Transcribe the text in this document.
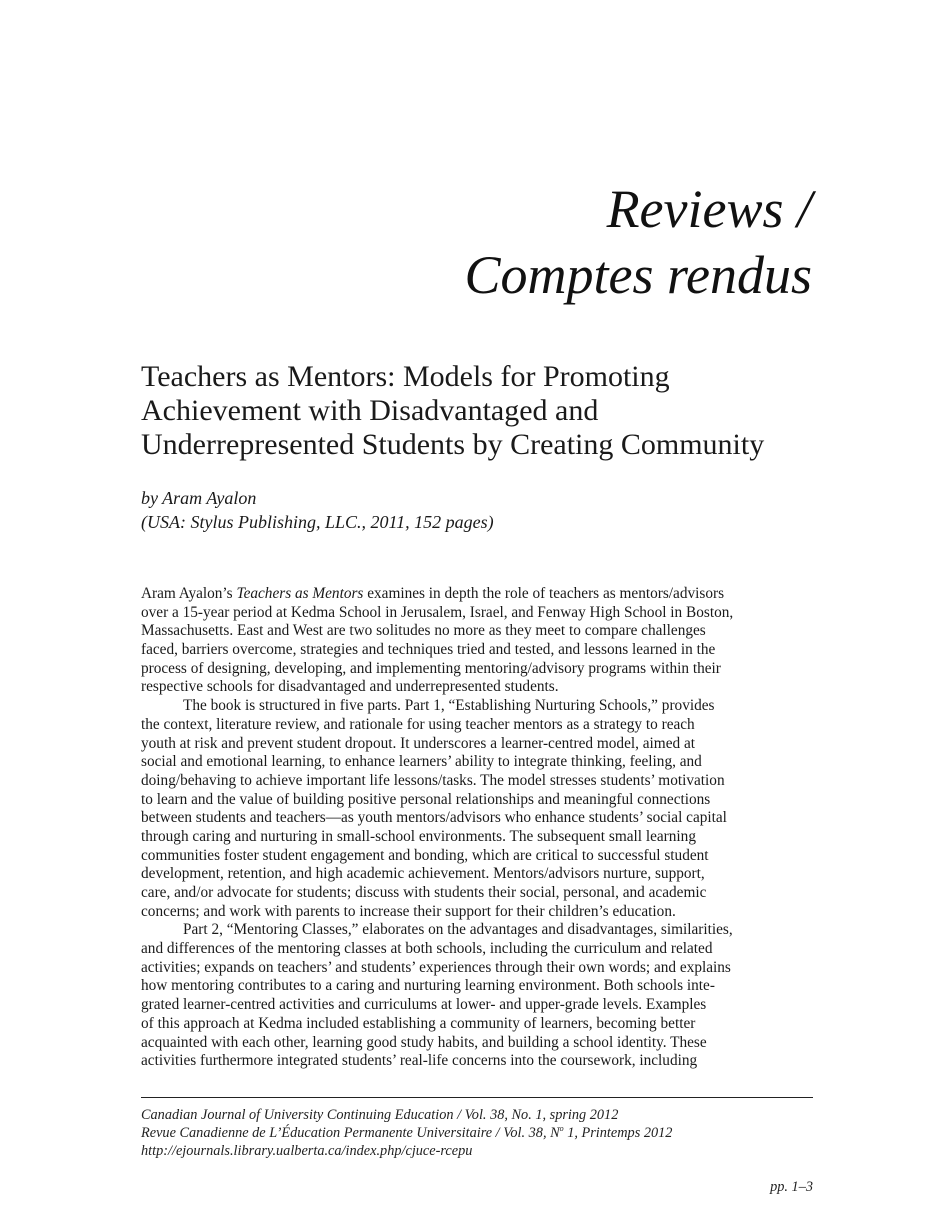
Reviews /
Comptes rendus
Teachers as Mentors: Models for Promoting
Achievement with Disadvantaged and
Underrepresented Students by Creating Community
by Aram Ayalon
(USA: Stylus Publishing, LLC., 2011, 152 pages)
Aram Ayalon’s Teachers as Mentors examines in depth the role of teachers as mentors/advisors
over a 15-year period at Kedma School in Jerusalem, Israel, and Fenway High School in Boston,
Massachusetts. East and West are two solitudes no more as they meet to compare challenges
faced, barriers overcome, strategies and techniques tried and tested, and lessons learned in the
process of designing, developing, and implementing mentoring/advisory programs within their
respective schools for disadvantaged and underrepresented students.
The book is structured in five parts. Part 1, “Establishing Nurturing Schools,” provides
the context, literature review, and rationale for using teacher mentors as a strategy to reach
youth at risk and prevent student dropout. It underscores a learner-centred model, aimed at
social and emotional learning, to enhance learners’ ability to integrate thinking, feeling, and
doing/behaving to achieve important life lessons/tasks. The model stresses students’ motivation
to learn and the value of building positive personal relationships and meaningful connections
between students and teachers—as youth mentors/advisors who enhance students’ social capital
through caring and nurturing in small-school environments. The subsequent small learning
communities foster student engagement and bonding, which are critical to successful student
development, retention, and high academic achievement. Mentors/advisors nurture, support,
care, and/or advocate for students; discuss with students their social, personal, and academic
concerns; and work with parents to increase their support for their children’s education.
Part 2, “Mentoring Classes,” elaborates on the advantages and disadvantages, similarities,
and differences of the mentoring classes at both schools, including the curriculum and related
activities; expands on teachers’ and students’ experiences through their own words; and explains
how mentoring contributes to a caring and nurturing learning environment. Both schools inte-
grated learner-centred activities and curriculums at lower- and upper-grade levels. Examples
of this approach at Kedma included establishing a community of learners, becoming better
acquainted with each other, learning good study habits, and building a school identity. These
activities furthermore integrated students’ real-life concerns into the coursework, including
Canadian Journal of University Continuing Education / Vol. 38, No. 1, spring 2012
Revue Canadienne de L’Éducation Permanente Universitaire / Vol. 38, $N^o$ 1, Printemps 2012
http://ejournals.library.ualberta.ca/index.php/cjuce-rcepu
pp. 1–3
